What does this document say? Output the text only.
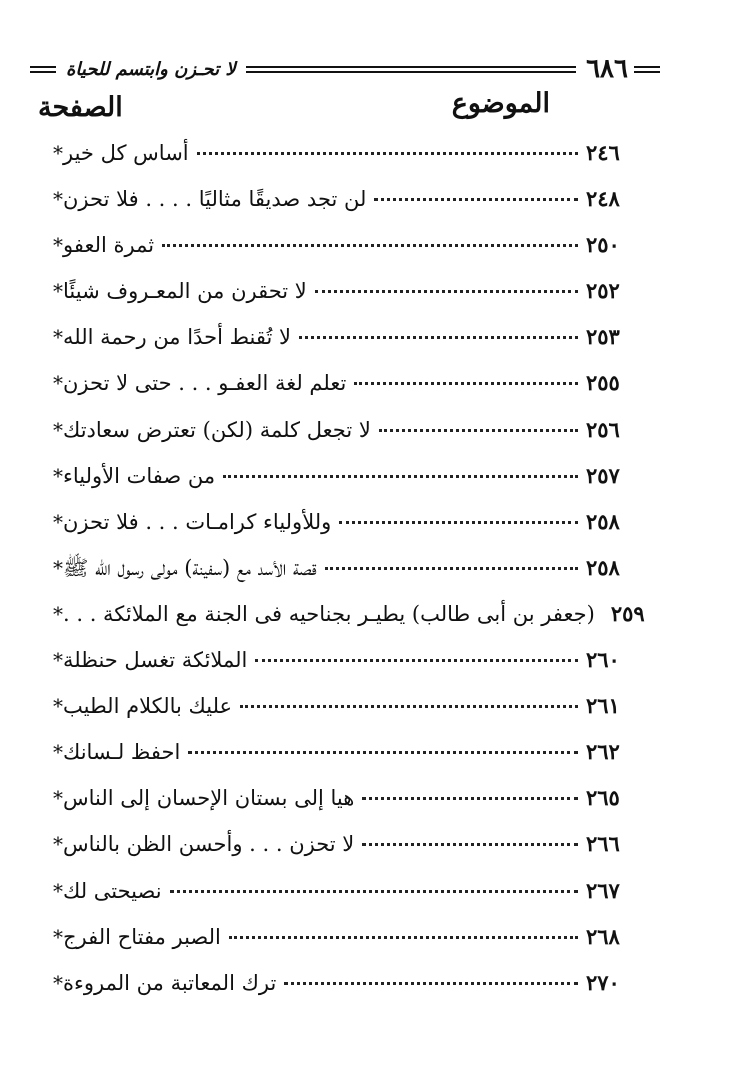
٦٨٦
لا تحـزن وابتسم للحياة
الموضوع
الصفحة
* أساس كل خير	٢٤٦
* لن تجد صديقًا مثاليًا . . . . فلا تحزن	٢٤٨
* ثمرة العفو	٢٥٠
* لا تحقرن من المعـروف شيئًا	٢٥٢
* لا تُقنط أحدًا من رحمة الله	٢٥٣
* تعلم لغة العفـو . . . حتى لا تحزن	٢٥٥
* لا تجعل كلمة (لكن) تعترض سعادتك	٢٥٦
* من صفات الأولياء	٢٥٧
* وللأولياء كرامـات . . . فلا تحزن	٢٥٨
* قصة الأسد مع (سفينة) مولى رسول الله ﷺ	٢٥٨
* (جعفر بن أبى طالب) يطيـر بجناحيه فى الجنة مع الملائكة . . . ٢٥٩
* الملائكة تغسل حنظلة	٢٦٠
* عليك بالكلام الطيب	٢٦١
* احفظ لـسانك	٢٦٢
* هيا إلى بستان الإحسان إلى الناس	٢٦٥
* لا تحزن . . . وأحسن الظن بالناس	٢٦٦
* نصيحتى لك	٢٦٧
* الصبر مفتاح الفرج	٢٦٨
* ترك المعاتبة من المروءة	٢٧٠
